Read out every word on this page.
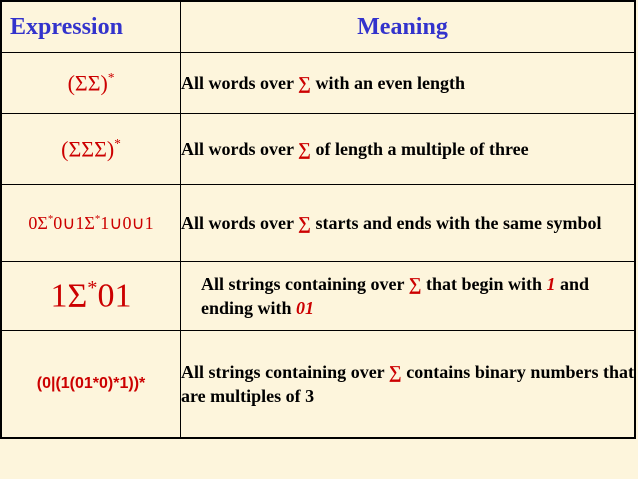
Expression	Meaning
(ΣΣ)*	All words over ∑ with an even length
(ΣΣΣ)*	All words over ∑ of length a multiple of three
0Σ*0∪1Σ*1∪0∪1	All words over ∑ starts and ends with the same symbol
1Σ*01	All strings containing over ∑ that begin with 1 and ending with 01
(0|(1(01*0)*1))*	All strings containing over ∑ contains binary numbers that are multiples of 3
